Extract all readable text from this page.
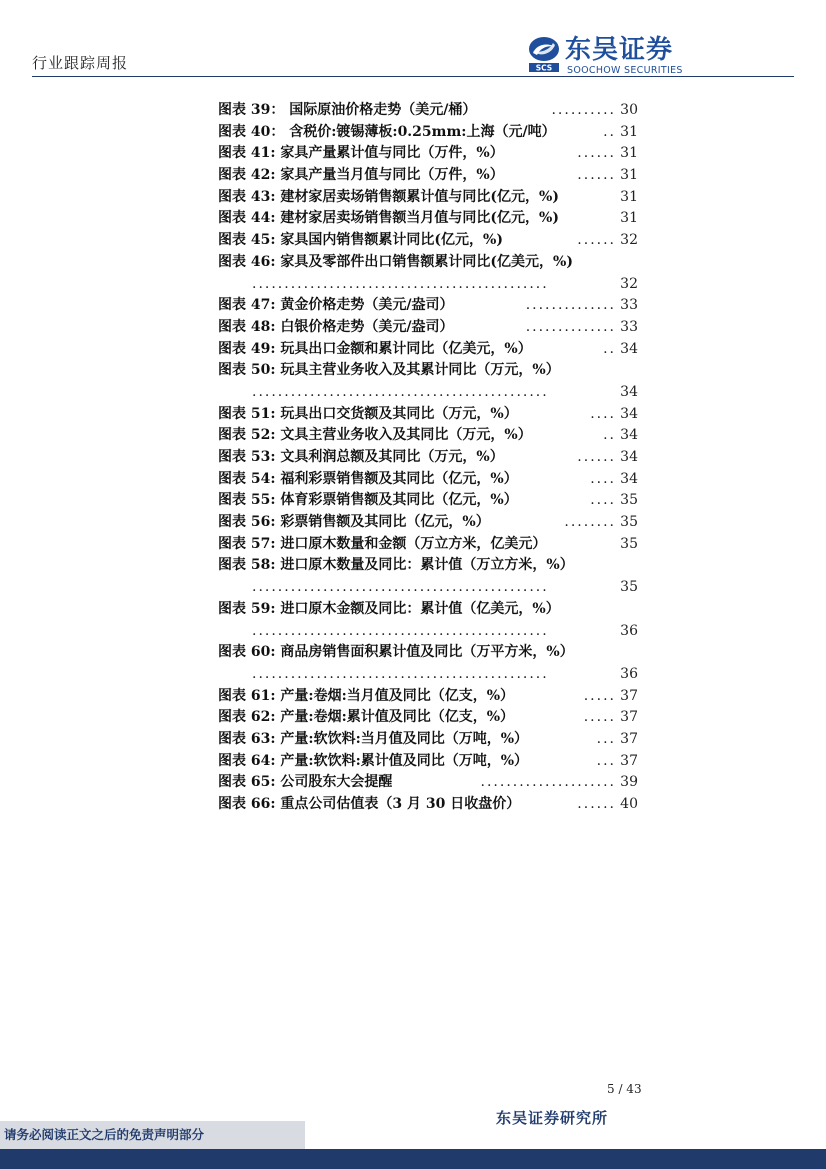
行业跟踪周报	SCS
东吴证券
SOOCHOW SECURITIES
图表 39： 国际原油价格走势（美元/桶）	.......... 30
图表 40： 含税价:镀锡薄板:0.25mm:上海（元/吨）	.. 31
图表 41: 家具产量累计值与同比（万件，%）	...... 31
图表 42: 家具产量当月值与同比（万件，%）	...... 31
图表 43: 建材家居卖场销售额累计值与同比(亿元，%)	31
图表 44: 建材家居卖场销售额当月值与同比(亿元，%)	31
图表 45: 家具国内销售额累计同比(亿元，%)	...... 32
图表 46: 家具及零部件出口销售额累计同比(亿美元，%)
..............................................	32
图表 47: 黄金价格走势（美元/盎司）	.............. 33
图表 48: 白银价格走势（美元/盎司）	.............. 33
图表 49: 玩具出口金额和累计同比（亿美元，%）	.. 34
图表 50: 玩具主营业务收入及其累计同比（万元，%）
..............................................	34
图表 51: 玩具出口交货额及其同比（万元，%）	.... 34
图表 52: 文具主营业务收入及其同比（万元，%）	.. 34
图表 53: 文具利润总额及其同比（万元，%）	...... 34
图表 54: 福利彩票销售额及其同比（亿元，%）	.... 34
图表 55: 体育彩票销售额及其同比（亿元，%）	.... 35
图表 56: 彩票销售额及其同比（亿元，%）	........ 35
图表 57: 进口原木数量和金额（万立方米，亿美元）	35
图表 58: 进口原木数量及同比：累计值（万立方米，%）
..............................................	35
图表 59: 进口原木金额及同比：累计值（亿美元，%）
..............................................	36
图表 60: 商品房销售面积累计值及同比（万平方米，%）
..............................................	36
图表 61: 产量:卷烟:当月值及同比（亿支，%）	..... 37
图表 62: 产量:卷烟:累计值及同比（亿支，%）	..... 37
图表 63: 产量:软饮料:当月值及同比（万吨，%）	... 37
图表 64: 产量:软饮料:累计值及同比（万吨，%）	... 37
图表 65: 公司股东大会提醒	..................... 39
图表 66: 重点公司估值表（3 月 30 日收盘价）	...... 40
5 / 43
东吴证券研究所
请务必阅读正文之后的免责声明部分
